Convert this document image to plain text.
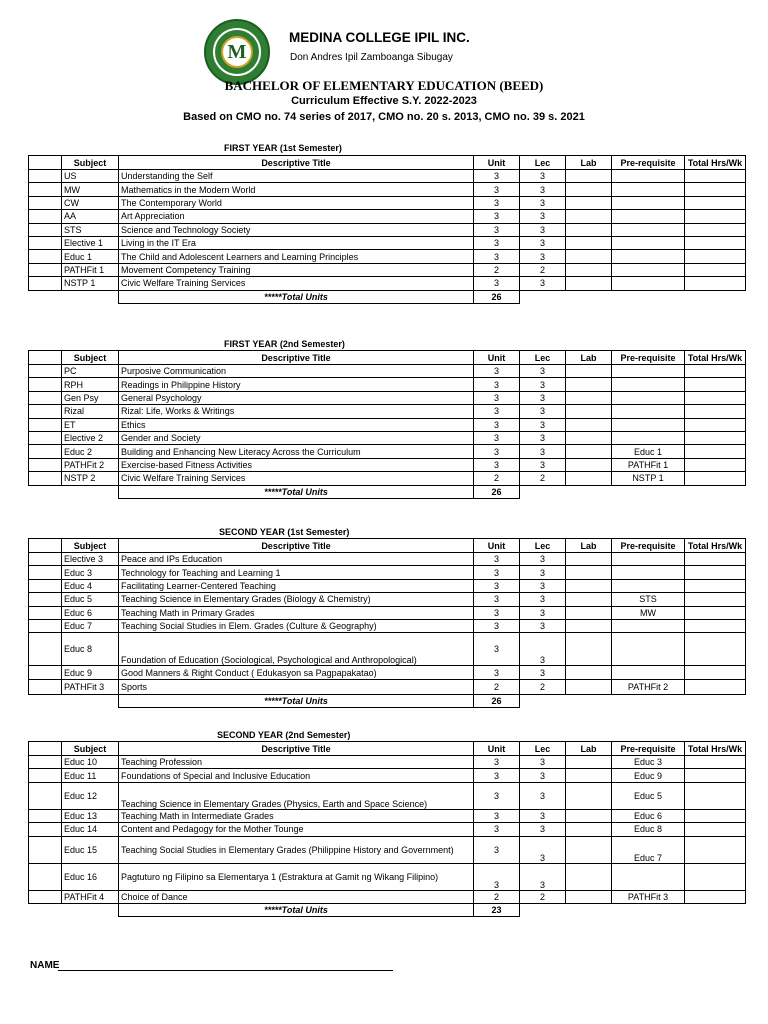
M
MEDINA COLLEGE IPIL INC.
Don Andres Ipil Zamboanga Sibugay
BACHELOR OF ELEMENTARY EDUCATION (BEED)
Curriculum Effective S.Y. 2022-2023
Based on CMO no. 74 series of 2017, CMO no. 20 s. 2013, CMO no. 39 s. 2021
FIRST YEAR (1st Semester)
	Subject	Descriptive Title	Unit	Lec	Lab	Pre-requisite	Total Hrs/Wk
	US	Understanding the Self	3	3			
	MW	Mathematics in the Modern World	3	3			
	CW	The Contemporary World	3	3			
	AA	Art Appreciation	3	3			
	STS	Science and Technology Society	3	3			
	Elective 1	Living in the IT Era	3	3			
	Educ 1	The Child and Adolescent Learners and Learning Principles	3	3			
	PATHFit 1	Movement Competency Training	2	2			
	NSTP 1	Civic Welfare Training Services	3	3			
		*****Total Units	26				
FIRST YEAR (2nd Semester)
	Subject	Descriptive Title	Unit	Lec	Lab	Pre-requisite	Total Hrs/Wk
	PC	Purposive Communication	3	3			
	RPH	Readings in Philippine History	3	3			
	Gen Psy	General Psychology	3	3			
	Rizal	Rizal: Life, Works & Writings	3	3			
	ET	Ethics	3	3			
	Elective 2	Gender and Society	3	3			
	Educ 2	Building and Enhancing New Literacy Across the Curriculum	3	3		Educ 1	
	PATHFit 2	Exercise-based Fitness Activities	3	3		PATHFit 1	
	NSTP 2	Civic Welfare Training Services	2	2		NSTP 1	
		*****Total Units	26				
SECOND YEAR (1st Semester)
	Subject	Descriptive Title	Unit	Lec	Lab	Pre-requisite	Total Hrs/Wk
	Elective 3	Peace and IPs Education	3	3			
	Educ 3	Technology for Teaching and Learning 1	3	3			
	Educ 4	Facilitating Learner-Centered Teaching	3	3			
	Educ 5	Teaching Science in Elementary Grades (Biology & Chemistry)	3	3		STS	
	Educ 6	Teaching Math in Primary Grades	3	3		MW	
	Educ 7	Teaching Social Studies in Elem. Grades (Culture & Geography)	3	3			
	Educ 8	Foundation of Education (Sociological, Psychological and Anthropological)	3	3			
	Educ 9	Good Manners & Right Conduct ( Edukasyon sa Pagpapakatao)	3	3			
	PATHFit 3	Sports	2	2		PATHFit 2	
		*****Total Units	26				
SECOND YEAR (2nd Semester)
	Subject	Descriptive Title	Unit	Lec	Lab	Pre-requisite	Total Hrs/Wk
	Educ 10	Teaching Profession	3	3		Educ 3	
	Educ 11	Foundations of Special and Inclusive Education	3	3		Educ 9	
	Educ 12	Teaching Science in Elementary Grades (Physics, Earth and Space Science)	3	3		Educ 5	
	Educ 13	Teaching Math in Intermediate Grades	3	3		Educ 6	
	Educ 14	Content and Pedagogy for the Mother Tounge	3	3		Educ 8	
	Educ 15	Teaching Social Studies in Elementary Grades (Philippine History and Government)	3	3		Educ 7	
	Educ 16	Pagtuturo ng Filipino sa Elementarya 1 (Estraktura at Gamit ng Wikang Filipino)	3	3			
	PATHFit 4	Choice of Dance	2	2		PATHFit 3	
		*****Total Units	23				
NAME
